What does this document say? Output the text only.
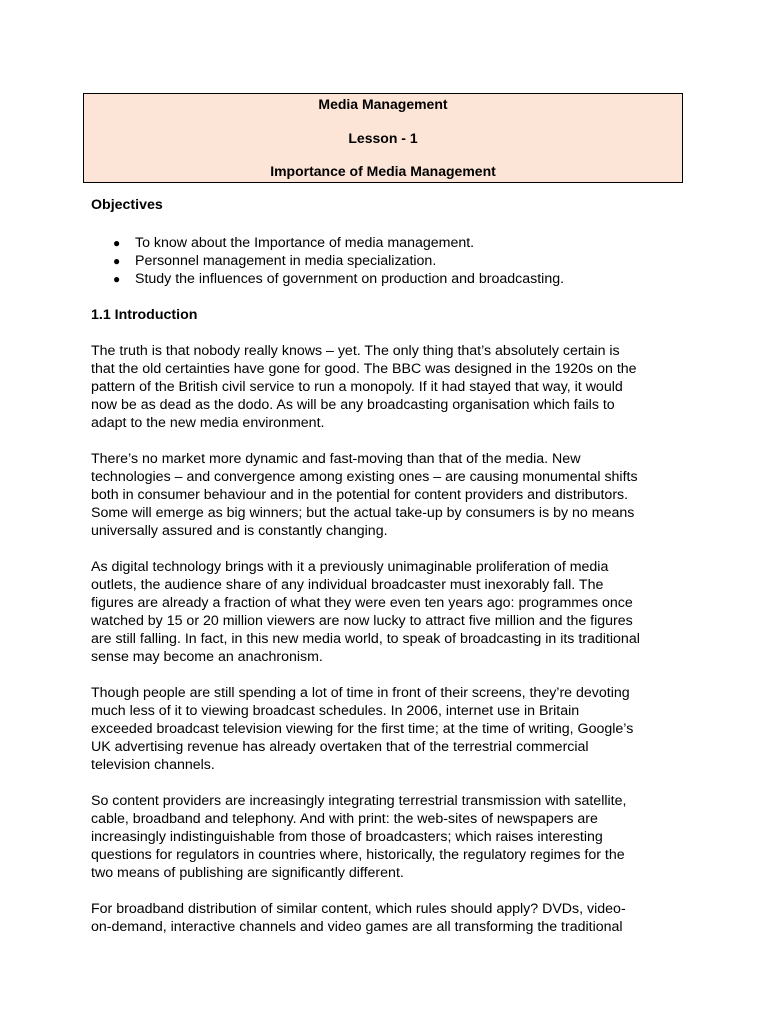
Media Management
Lesson - 1
Importance of Media Management

Objectives

● To know about the Importance of media management.
● Personnel management in media specialization.
● Study the influences of government on production and broadcasting.

1.1 Introduction

The truth is that nobody really knows – yet. The only thing that’s absolutely certain is
that the old certainties have gone for good. The BBC was designed in the 1920s on the
pattern of the British civil service to run a monopoly. If it had stayed that way, it would
now be as dead as the dodo. As will be any broadcasting organisation which fails to
adapt to the new media environment.

There’s no market more dynamic and fast-moving than that of the media. New
technologies – and convergence among existing ones – are causing monumental shifts
both in consumer behaviour and in the potential for content providers and distributors.
Some will emerge as big winners; but the actual take-up by consumers is by no means
universally assured and is constantly changing.

As digital technology brings with it a previously unimaginable proliferation of media
outlets, the audience share of any individual broadcaster must inexorably fall. The
figures are already a fraction of what they were even ten years ago: programmes once
watched by 15 or 20 million viewers are now lucky to attract five million and the figures
are still falling. In fact, in this new media world, to speak of broadcasting in its traditional
sense may become an anachronism.

Though people are still spending a lot of time in front of their screens, they’re devoting
much less of it to viewing broadcast schedules. In 2006, internet use in Britain
exceeded broadcast television viewing for the first time; at the time of writing, Google’s
UK advertising revenue has already overtaken that of the terrestrial commercial
television channels.

So content providers are increasingly integrating terrestrial transmission with satellite,
cable, broadband and telephony. And with print: the web-sites of newspapers are
increasingly indistinguishable from those of broadcasters; which raises interesting
questions for regulators in countries where, historically, the regulatory regimes for the
two means of publishing are significantly different.

For broadband distribution of similar content, which rules should apply? DVDs, video-
on-demand, interactive channels and video games are all transforming the traditional
